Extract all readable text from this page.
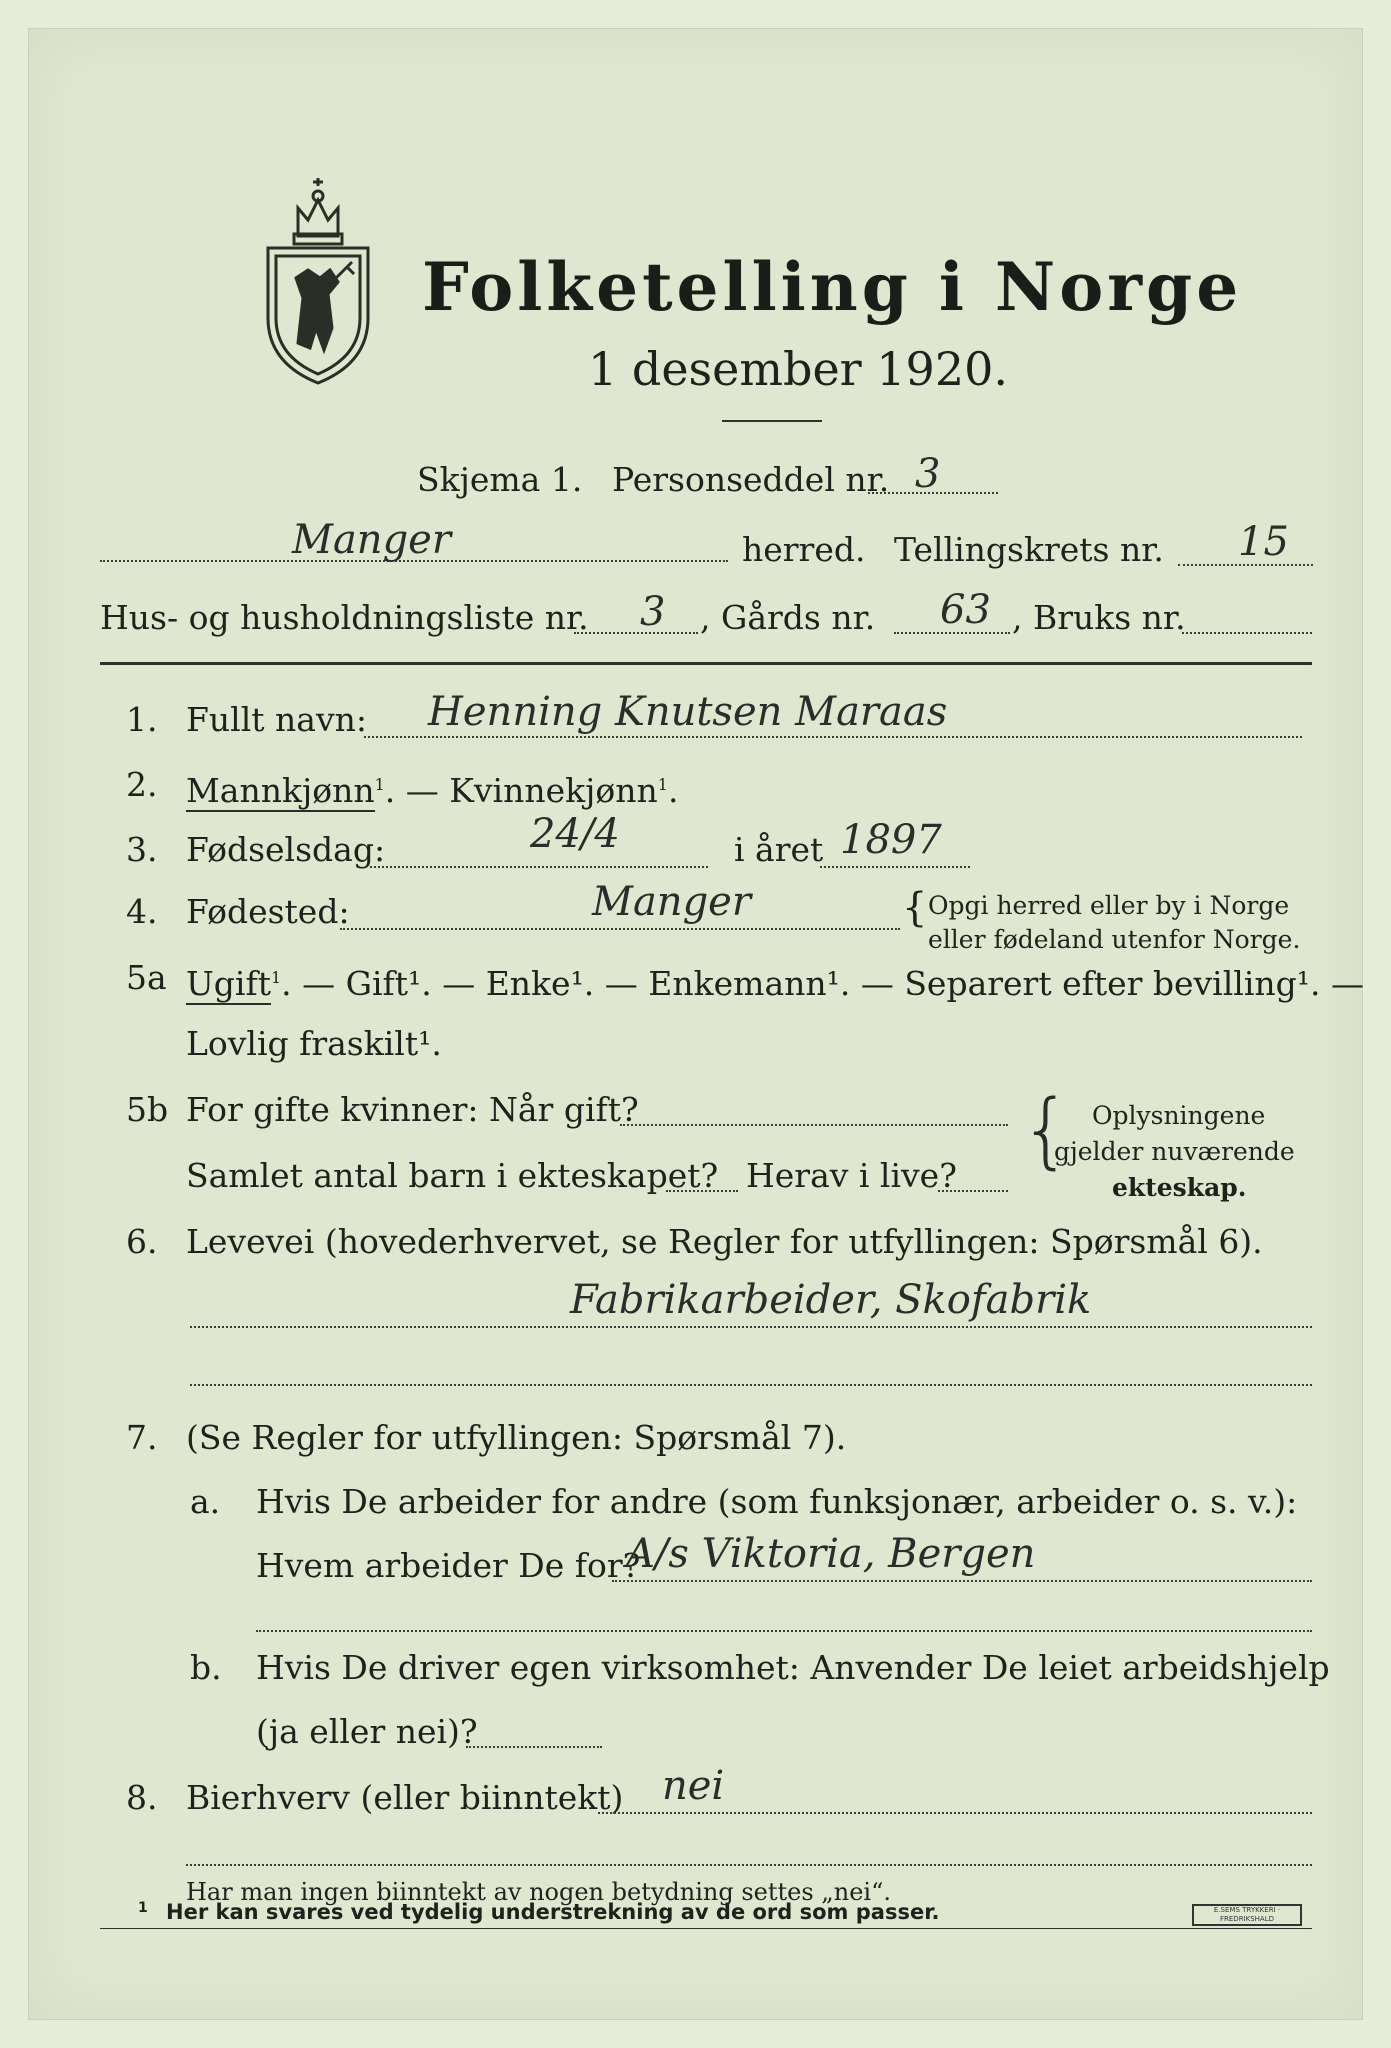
Folketelling i Norge
1 desember 1920.
Skjema 1. Personseddel nr. 3
Manger	herred. Tellingskrets nr. 15
Hus- og husholdningsliste nr. 3 , Gårds nr. 63 , Bruks nr.
1. Fullt navn: Henning Knutsen Maraas
2. Mannkjønn$^1$. — Kvinnekjønn$^1$.
3. Fødselsdag:	24/4	i året 1897
4. Fødested:	Manger	{ Opgi herred eller by i Norge
eller fødeland utenfor Norge.
5a Ugift$^1$. — Gift¹. — Enke¹. — Enkemann¹. — Separert efter bevilling¹. —
Lovlig fraskilt¹.
5b For gifte kvinner: Når gift?
Samlet antal barn i ekteskapet? Herav i live? { Oplysningene
gjelder nuværende
ekteskap.
6. Levevei (hovederhvervet, se Regler for utfyllingen: Spørsmål 6).
Fabrikarbeider, Skofabrik
7. (Se Regler for utfyllingen: Spørsmål 7).
a. Hvis De arbeider for andre (som funksjonær, arbeider o. s. v.):
Hvem arbeider De for?
A/s Viktoria, Bergen
b. Hvis De driver egen virksomhet: Anvender De leiet arbeidshjelp
(ja eller nei)?
8. Bierhverv (eller biinntekt) nei
Har man ingen biinntekt av nogen betydning settes „nei“.
1 Her kan svares ved tydelig understrekning av de ord som passer.	E.SEMS TRYKKERI · FREDRIKSHALD
